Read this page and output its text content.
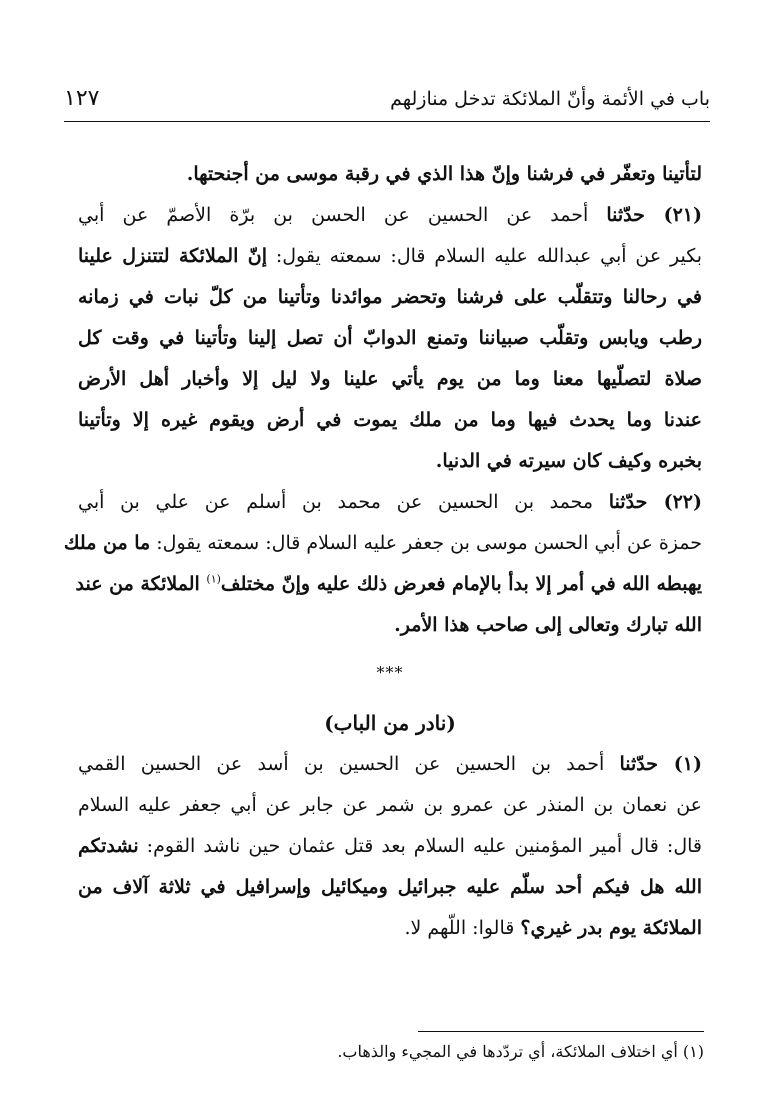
باب في الأئمة وأنّ الملائكة تدخل منازلهم
١٢٧
لتأتينا وتعفّر في فرشنا وإنّ هذا الذي في رقبة موسى من أجنحتها.
(٢١) حدّثنا أحمد عن الحسين عن الحسن بن برّة الأصمّ عن أبي
بكير عن أبي عبدالله عليه السلام قال: سمعته يقول: إنّ الملائكة لتتنزل علينا
في رحالنا وتتقلّب على فرشنا وتحضر موائدنا وتأتينا من كلّ نبات في زمانه
رطب ويابس وتقلّب صبياننا وتمنع الدوابّ أن تصل إلينا وتأتينا في وقت كل
صلاة لتصلّيها معنا وما من يوم يأتي علينا ولا ليل إلا وأخبار أهل الأرض
عندنا وما يحدث فيها وما من ملك يموت في أرض ويقوم غيره إلا وتأتينا
بخبره وكيف كان سيرته في الدنيا.
(٢٢) حدّثنا محمد بن الحسين عن محمد بن أسلم عن علي بن أبي
حمزة عن أبي الحسن موسى بن جعفر عليه السلام قال: سمعته يقول: ما من ملك
يهبطه الله في أمر إلا بدأ بالإمام فعرض ذلك عليه وإنّ مختلف$^{(١)}$ الملائكة من عند
الله تبارك وتعالى إلى صاحب هذا الأمر.
***
(نادر من الباب)
(١) حدّثنا أحمد بن الحسين عن الحسين بن أسد عن الحسين القمي
عن نعمان بن المنذر عن عمرو بن شمر عن جابر عن أبي جعفر عليه السلام
قال: قال أمير المؤمنين عليه السلام بعد قتل عثمان حين ناشد القوم: نشدتكم
الله هل فيكم أحد سلّم عليه جبرائيل وميكائيل وإسرافيل في ثلاثة آلاف من
الملائكة يوم بدر غيري؟ قالوا: اللّهم لا.
(١) أي اختلاف الملائكة، أي تردّدها في المجيء والذهاب.
